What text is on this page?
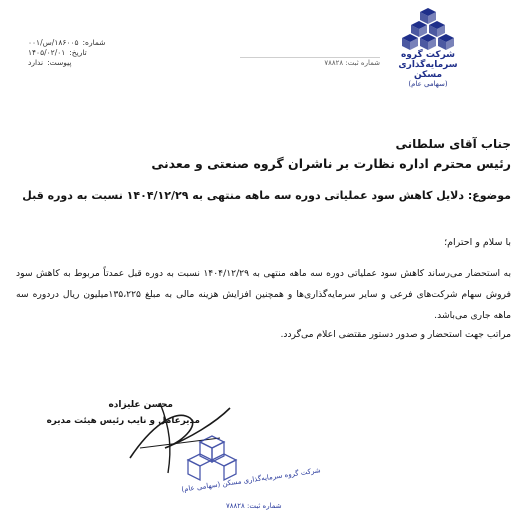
شرکت گروه
سرمایه‌گذاری
مسکن
(سهامی عام)
شماره ثبت: ۷۸۸۲۸
شماره:
۱۸۶۰۰۵/س/۰۰۱
تاریخ:
۱۴۰۵/۰۲/۰۱
پیوست:
ندارد
جناب آقای سلطانی
رئیس محترم اداره نظارت بر ناشران گروه صنعتی و معدنی
موضوع: دلایل کاهش سود عملیاتی دوره سه ماهه منتهی به ۱۴۰۴/۱۲/۲۹ نسبت به دوره قبل
با سلام و احترام؛

به استحضار می‌رساند کاهش سود عملیاتی دوره سه ماهه منتهی به ۱۴۰۴/۱۲/۲۹ نسبت به دوره قبل عمدتاً مربوط به کاهش سود فروش سهام شرکت‌های فرعی و سایر سرمایه‌گذاری‌ها و همچنین افزایش هزینه مالی به مبلغ ۱۳۵،۲۲۵میلیون ریال دردوره سه ماهه جاری می‌باشد.

مراتب جهت استحضار و صدور دستور مقتضی اعلام می‌گردد.
محسن علیزاده
مدیرعامل و نایب رئیس هیئت مدیره
شرکت گروه سرمایه‌گذاری مسکن (سهامی عام)
شماره ثبت: ۷۸۸۲۸
